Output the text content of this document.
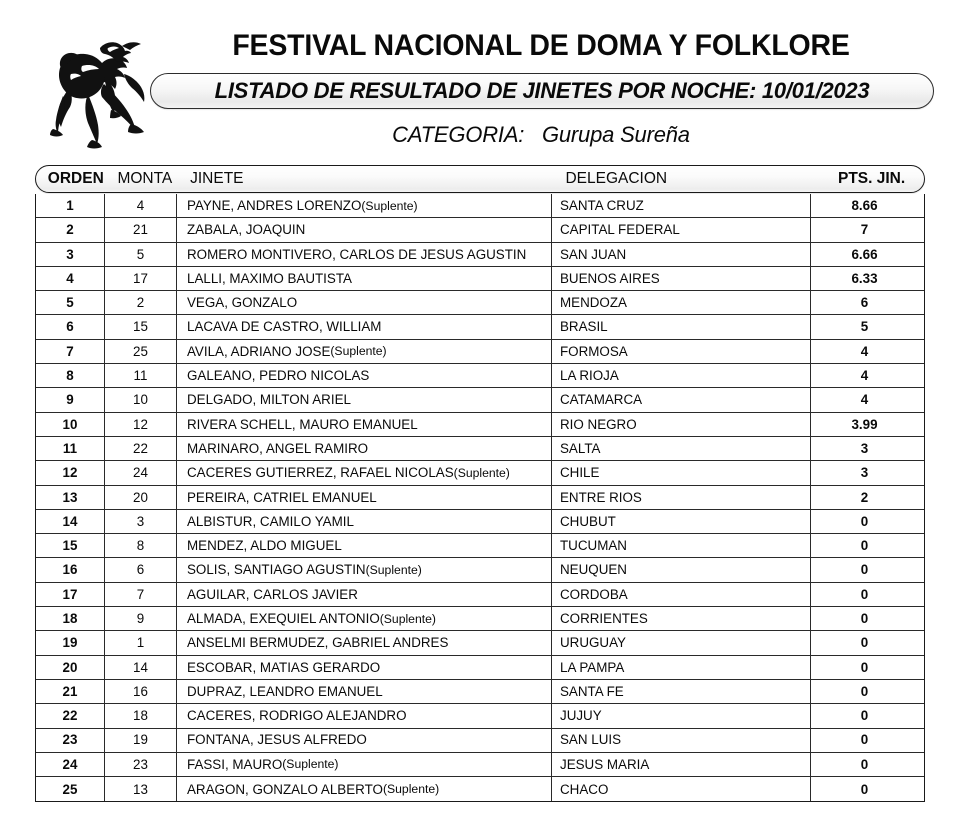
FESTIVAL NACIONAL DE DOMA Y FOLKLORE
LISTADO DE RESULTADO DE JINETES POR NOCHE: 10/01/2023
CATEGORIA: Gurupa Sureña
ORDEN MONTA	JINETE	DELEGACION	PTS. JIN.
1	4	PAYNE, ANDRES LORENZO (Suplente)	SANTA CRUZ	8.66
2	21	ZABALA, JOAQUIN	CAPITAL FEDERAL	7
3	5	ROMERO MONTIVERO, CARLOS DE JESUS AGUSTIN	SAN JUAN	6.66
4	17	LALLI, MAXIMO BAUTISTA	BUENOS AIRES	6.33
5	2	VEGA, GONZALO	MENDOZA	6
6	15	LACAVA DE CASTRO, WILLIAM	BRASIL	5
7	25	AVILA, ADRIANO JOSE (Suplente)	FORMOSA	4
8	11	GALEANO, PEDRO NICOLAS	LA RIOJA	4
9	10	DELGADO, MILTON ARIEL	CATAMARCA	4
10	12	RIVERA SCHELL, MAURO EMANUEL	RIO NEGRO	3.99
11	22	MARINARO, ANGEL RAMIRO	SALTA	3
12	24	CACERES GUTIERREZ, RAFAEL NICOLAS (Suplente)	CHILE	3
13	20	PEREIRA, CATRIEL EMANUEL	ENTRE RIOS	2
14	3	ALBISTUR, CAMILO YAMIL	CHUBUT	0
15	8	MENDEZ, ALDO MIGUEL	TUCUMAN	0
16	6	SOLIS, SANTIAGO AGUSTIN (Suplente)	NEUQUEN	0
17	7	AGUILAR, CARLOS JAVIER	CORDOBA	0
18	9	ALMADA, EXEQUIEL ANTONIO (Suplente)	CORRIENTES	0
19	1	ANSELMI BERMUDEZ, GABRIEL ANDRES	URUGUAY	0
20	14	ESCOBAR, MATIAS GERARDO	LA PAMPA	0
21	16	DUPRAZ, LEANDRO EMANUEL	SANTA FE	0
22	18	CACERES, RODRIGO ALEJANDRO	JUJUY	0
23	19	FONTANA, JESUS ALFREDO	SAN LUIS	0
24	23	FASSI, MAURO (Suplente)	JESUS MARIA	0
25	13	ARAGON, GONZALO ALBERTO (Suplente)	CHACO	0
